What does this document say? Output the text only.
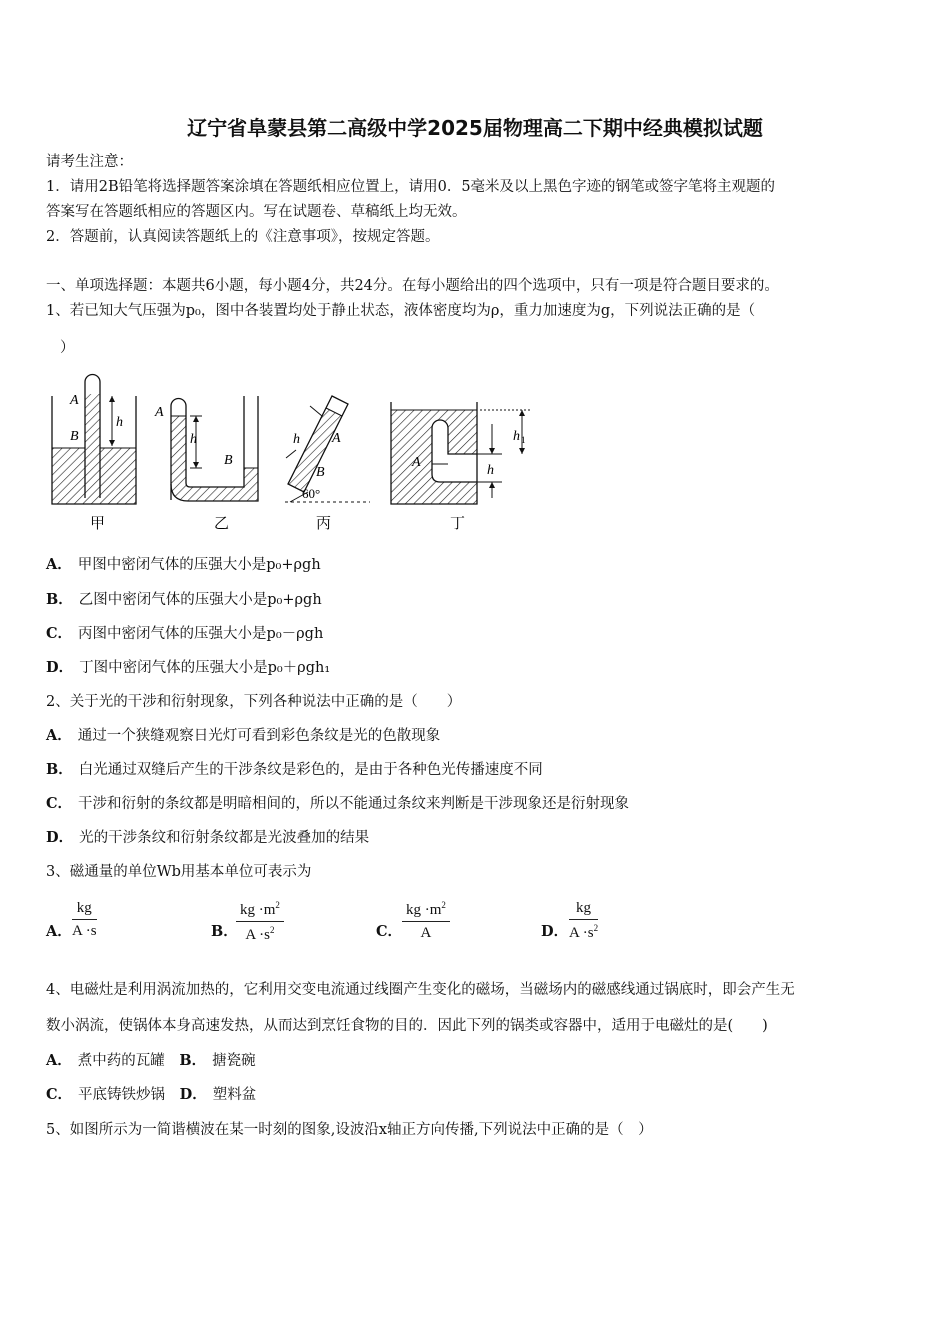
辽宁省阜蒙县第二高级中学2025届物理高二下期中经典模拟试题
请考生注意：
1．请用2B铅笔将选择题答案涂填在答题纸相应位置上，请用0．5毫米及以上黑色字迹的钢笔或签字笔将主观题的
答案写在答题纸相应的答题区内。写在试题卷、草稿纸上均无效。
2．答题前，认真阅读答题纸上的《注意事项》，按规定答题。
一、单项选择题：本题共6小题，每小题4分，共24分。在每小题给出的四个选项中，只有一项是符合题目要求的。
1、若已知大气压强为p₀，图中各装置均处于静止状态，液体密度均为ρ，重力加速度为g，下列说法正确的是（
）
A
B
h
甲
A
h
B
乙
h A
B
60°
丙
A
h
h 1
丁
A． 甲图中密闭气体的压强大小是p₀+ρgh
B． 乙图中密闭气体的压强大小是p₀+ρgh
C． 丙图中密闭气体的压强大小是p₀－ρgh
D． 丁图中密闭气体的压强大小是p₀＋ρgh₁
2、关于光的干涉和衍射现象，下列各种说法中正确的是（　　）
A． 通过一个狭缝观察日光灯可看到彩色条纹是光的色散现象
B． 白光通过双缝后产生的干涉条纹是彩色的，是由于各种色光传播速度不同
C． 干涉和衍射的条纹都是明暗相间的，所以不能通过条纹来判断是干涉现象还是衍射现象
D． 光的干涉条纹和衍射条纹都是光波叠加的结果
3、磁通量的单位Wb用基本单位可表示为
A． $\frac{kg}{A \cdot s}$	B．
$\frac{kg \cdot m^2}{A \cdot s^2}$	C． $\frac{kg \cdot m^2}{A}$	D． $\frac{kg}{A \cdot s^2}$
4、电磁灶是利用涡流加热的，它利用交变电流通过线圈产生变化的磁场，当磁场内的磁感线通过锅底时，即会产生无
数小涡流，使锅体本身高速发热，从而达到烹饪食物的目的．因此下列的锅类或容器中，适用于电磁灶的是(　　)
A． 煮中药的瓦罐 B． 搪瓷碗
C． 平底铸铁炒锅 D． 塑料盆
5、如图所示为一简谐横波在某一时刻的图象,设波沿x轴正方向传播,下列说法中正确的是（　）
